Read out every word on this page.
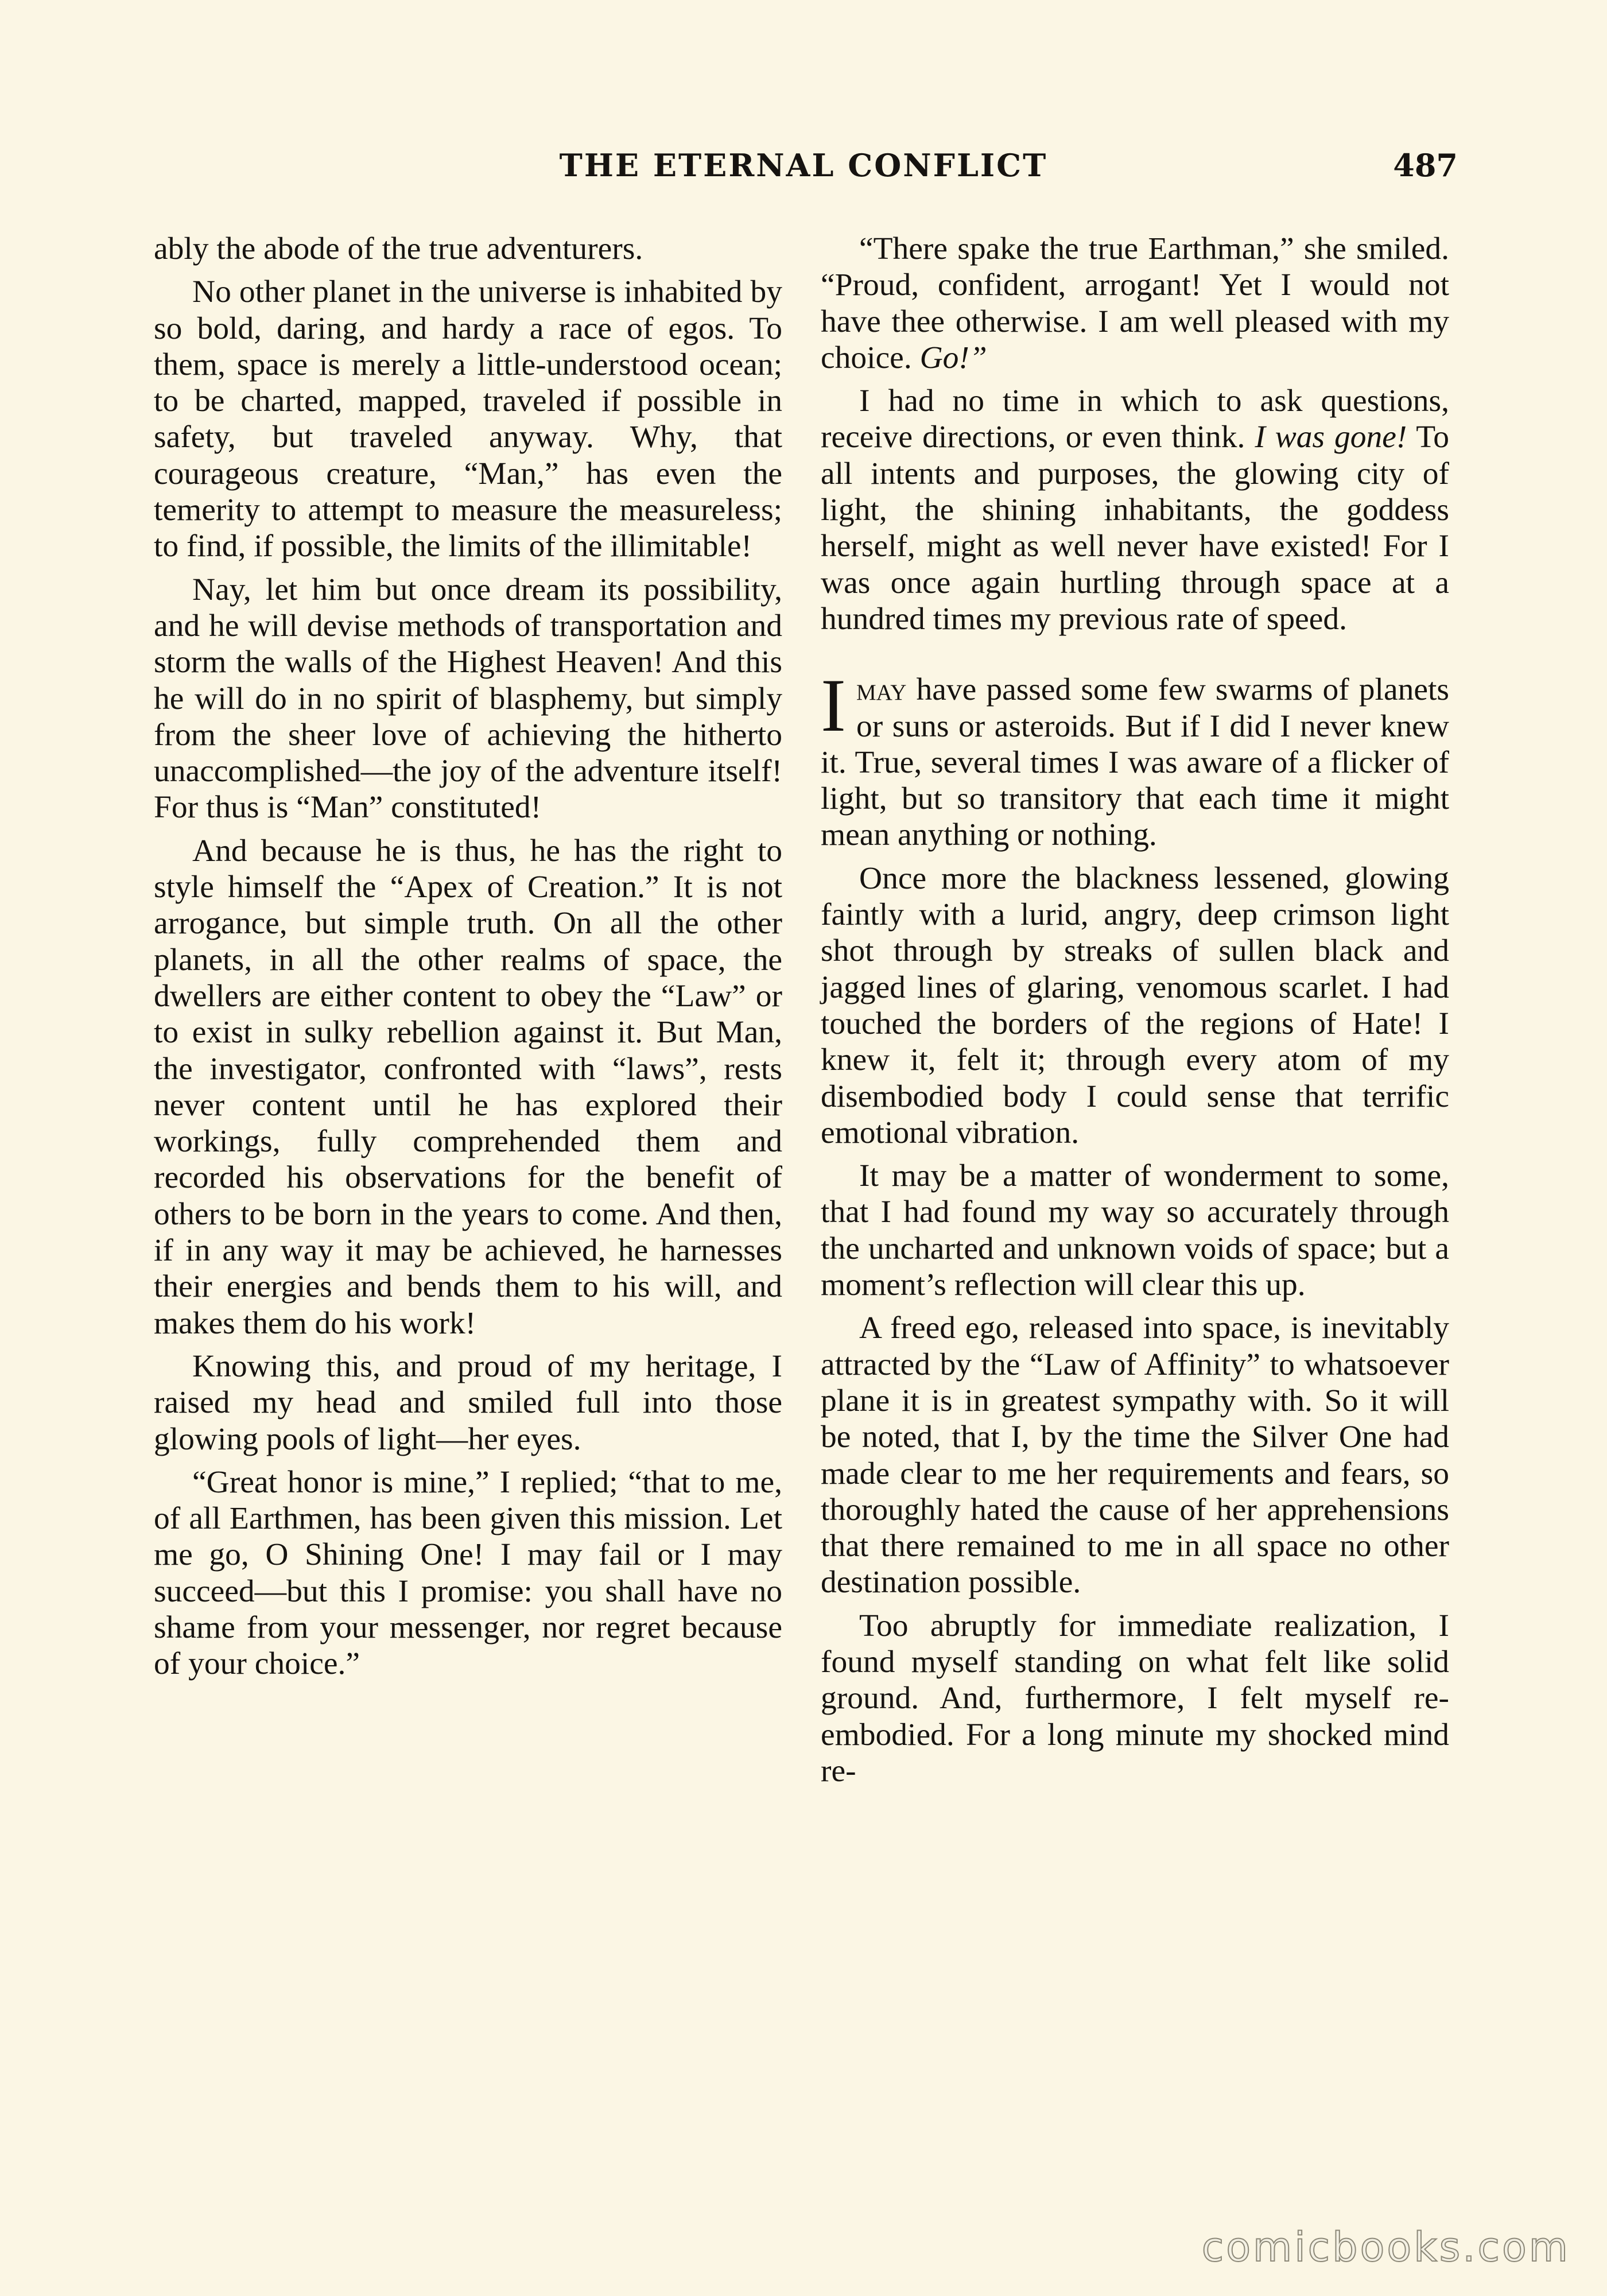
THE ETERNAL CONFLICT	487

ably the abode of the true adventurers.

No other planet in the universe is inhabited by so bold, daring, and hardy a race of egos. To them, space is merely a little-understood ocean; to be charted, mapped, traveled if possible in safety, but traveled anyway. Why, that courageous creature, “Man,” has even the temerity to attempt to measure the measureless; to find, if possible, the limits of the illimitable!

Nay, let him but once dream its possibility, and he will devise methods of transportation and storm the walls of the Highest Heaven! And this he will do in no spirit of blasphemy, but simply from the sheer love of achieving the hitherto unaccomplished—the joy of the adventure itself! For thus is “Man” constituted!

And because he is thus, he has the right to style himself the “Apex of Creation.” It is not arrogance, but simple truth. On all the other planets, in all the other realms of space, the dwellers are either content to obey the “Law” or to exist in sulky rebellion against it. But Man, the investigator, confronted with “laws”, rests never content until he has explored their workings, fully comprehended them and recorded his observations for the benefit of others to be born in the years to come. And then, if in any way it may be achieved, he harnesses their energies and bends them to his will, and makes them do his work!

Knowing this, and proud of my heritage, I raised my head and smiled full into those glowing pools of light—her eyes.

“Great honor is mine,” I replied; “that to me, of all Earthmen, has been given this mission. Let me go, O Shining One! I may fail or I may succeed—but this I promise: you shall have no shame from your messenger, nor regret because of your choice.”

“There spake the true Earthman,” she smiled. “Proud, confident, arrogant! Yet I would not have thee otherwise. I am well pleased with my choice. Go!”

I had no time in which to ask questions, receive directions, or even think. I was gone! To all intents and purposes, the glowing city of light, the shining inhabitants, the goddess herself, might as well never have existed! For I was once again hurtling through space at a hundred times my previous rate of speed.

Imay have passed some few swarms of planets or suns or asteroids. But if I did I never knew it. True, several times I was aware of a flicker of light, but so transitory that each time it might mean anything or nothing.

Once more the blackness lessened, glowing faintly with a lurid, angry, deep crimson light shot through by streaks of sullen black and jagged lines of glaring, venomous scarlet. I had touched the borders of the regions of Hate! I knew it, felt it; through every atom of my disembodied body I could sense that terrific emotional vibration.

It may be a matter of wonderment to some, that I had found my way so accurately through the uncharted and unknown voids of space; but a moment’s reflection will clear this up.

A freed ego, released into space, is inevitably attracted by the “Law of Affinity” to whatsoever plane it is in greatest sympathy with. So it will be noted, that I, by the time the Silver One had made clear to me her requirements and fears, so thoroughly hated the cause of her apprehensions that there remained to me in all space no other destination possible.

Too abruptly for immediate realization, I found myself standing on what felt like solid ground. And, furthermore, I felt myself re-embodied. For a long minute my shocked mind re-

comicbooks.com
